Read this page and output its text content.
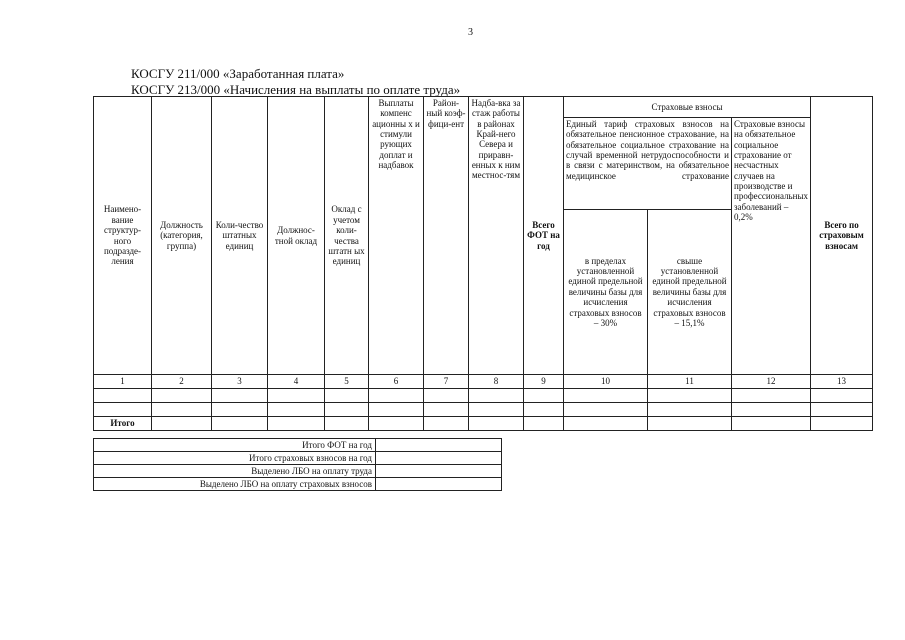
3
КОСГУ 211/000 «Заработанная плата»
КОСГУ 213/000 «Начисления на выплаты по оплате труда»
Наимено-вание структур-ного подразде-ления	Должность (категория, группа)	Коли-чество штатных единиц	Должнос-тной оклад	Оклад с учетом коли-чества штатн ых единиц	Выплаты компенс ационны х и стимули рующих доплат и надбавок	Район-ный коэф-фици-ент	Надба-вка за стаж работы в районах Край-него Севера и приравн-енных к ним местнос-тям	Всего ФОТ на год	Страховые взносы			Всего по страховым взносам
									Единый тариф страховых взносов на обязательное пенсионное страхование, на обязательное социальное страхование на случай временной нетрудоспособности и в связи с материнством, на обязательное медицинское страхование		Страховые взносы на обязательное социальное страхование от несчастных случаев на производстве и профессиональных заболеваний – 0,2%	
									в пределах установленной единой предельной величины базы для исчисления страховых взносов – 30%	свыше установленной единой предельной величины базы для исчисления страховых взносов – 15,1%		
1	2	3	4	5	6	7	8	9	10	11	12	13

Итого												
Итого ФОТ на год	
Итого страховых взносов на год	
Выделено ЛБО на оплату труда	
Выделено ЛБО на оплату страховых взносов	
